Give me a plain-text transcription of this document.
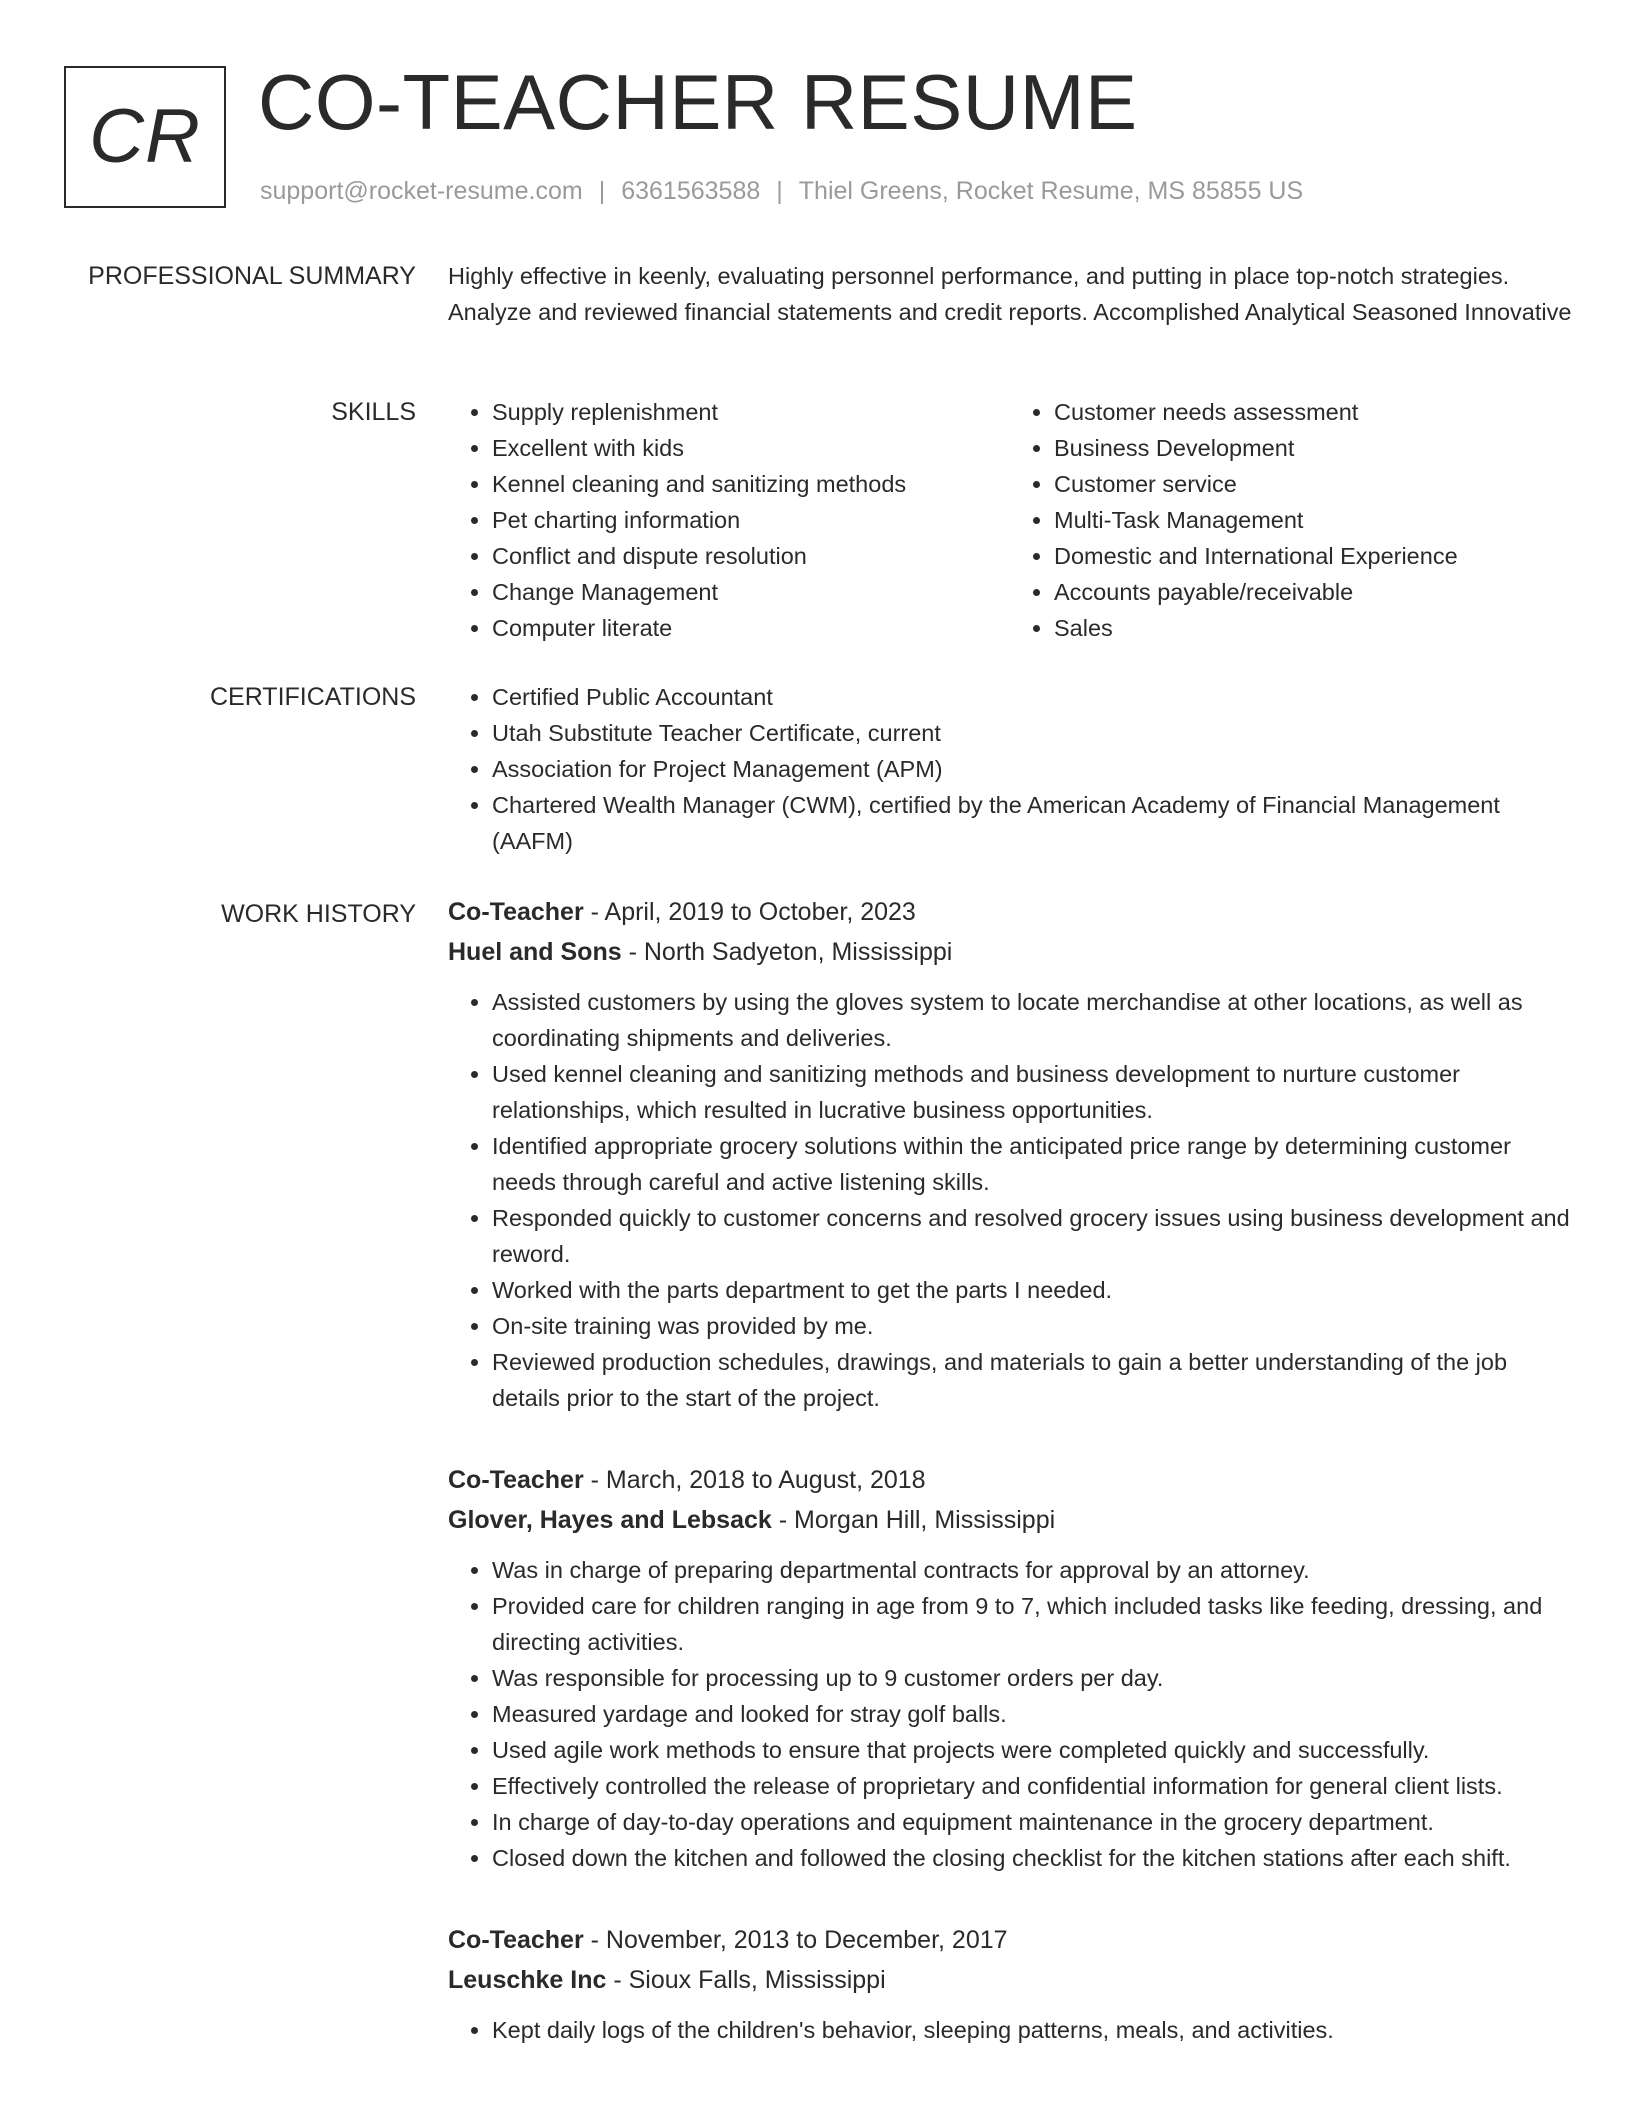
CR CO-TEACHER RESUME
support@rocket-resume.com | 6361563588 | Thiel Greens, Rocket Resume, MS 85855 US
PROFESSIONAL SUMMARY Highly effective in keenly, evaluating personnel performance, and putting in place top-notch strategies. Analyze and reviewed financial statements and credit reports. Accomplished Analytical Seasoned Innovative

SKILLS	• Supply replenishment
• Excellent with kids
• Kennel cleaning and sanitizing methods
• Pet charting information
• Conflict and dispute resolution
• Change Management
• Computer literate
• Customer needs assessment
• Business Development
• Customer service
• Multi-Task Management
• Domestic and International Experience
• Accounts payable/receivable
• Sales
CERTIFICATIONS	• Certified Public Accountant
• Utah Substitute Teacher Certificate, current
• Association for Project Management (APM)
• Chartered Wealth Manager (CWM), certified by the American Academy of Financial Management (AAFM)
WORK HISTORY Co-Teacher - April, 2019 to October, 2023
Huel and Sons - North Sadyeton, Mississippi
• Assisted customers by using the gloves system to locate merchandise at other locations, as well as coordinating shipments and deliveries.
• Used kennel cleaning and sanitizing methods and business development to nurture customer relationships, which resulted in lucrative business opportunities.
• Identified appropriate grocery solutions within the anticipated price range by determining customer needs through careful and active listening skills.
• Responded quickly to customer concerns and resolved grocery issues using business development and reword.
• Worked with the parts department to get the parts I needed.
• On-site training was provided by me.
• Reviewed production schedules, drawings, and materials to gain a better understanding of the job details prior to the start of the project.
Co-Teacher - March, 2018 to August, 2018
Glover, Hayes and Lebsack - Morgan Hill, Mississippi
• Was in charge of preparing departmental contracts for approval by an attorney.
• Provided care for children ranging in age from 9 to 7, which included tasks like feeding, dressing, and directing activities.
• Was responsible for processing up to 9 customer orders per day.
• Measured yardage and looked for stray golf balls.
• Used agile work methods to ensure that projects were completed quickly and successfully.
• Effectively controlled the release of proprietary and confidential information for general client lists.
• In charge of day-to-day operations and equipment maintenance in the grocery department.
• Closed down the kitchen and followed the closing checklist for the kitchen stations after each shift.
Co-Teacher - November, 2013 to December, 2017
Leuschke Inc - Sioux Falls, Mississippi
• Kept daily logs of the children's behavior, sleeping patterns, meals, and activities.
